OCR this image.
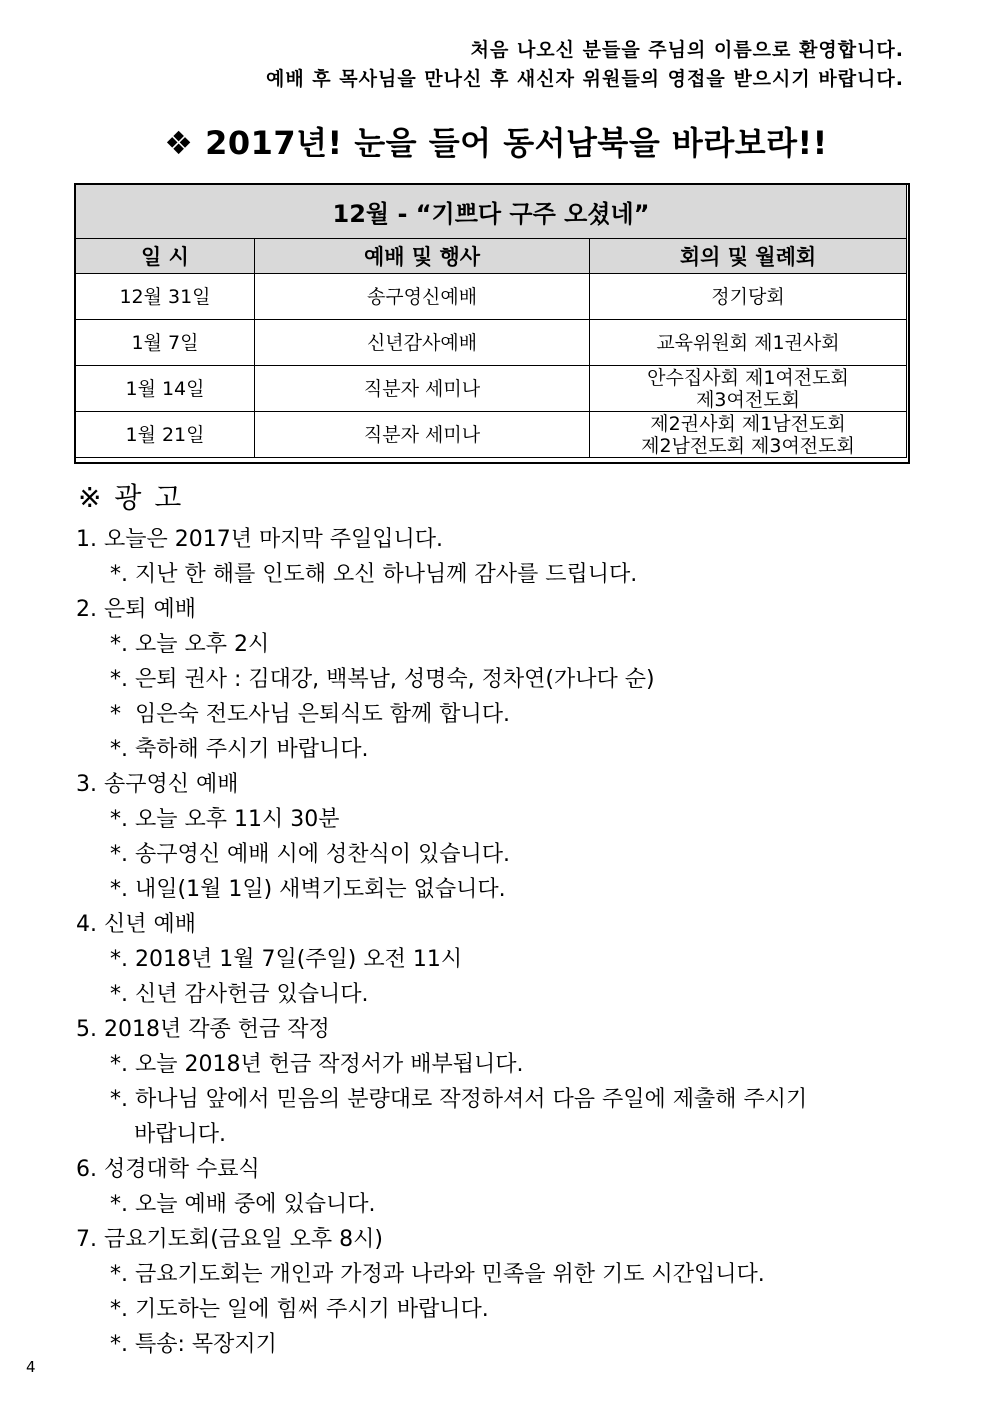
처음 나오신 분들을 주님의 이름으로 환영합니다.
예배 후 목사님을 만나신 후 새신자 위원들의 영접을 받으시기 바랍니다.
❖ 2017년! 눈을 들어 동서남북을 바라보라!!
12월 - “기쁘다 구주 오셨네”		
일 시	예배 및 행사	회의 및 월례회
12월 31일	송구영신예배	정기당회

1월 7일	신년감사예배	교육위원회 제1권사회

1월 14일	직분자 세미나	안수집사회 제1여전도회
제3여전도회

1월 21일	직분자 세미나	제2권사회 제1남전도회
제2남전도회 제3여전도회
※ 광 고

1. 오늘은 2017년 마지막 주일입니다.

*. 지난 한 해를 인도해 오신 하나님께 감사를 드립니다.

2. 은퇴 예배

*. 오늘 오후 2시

*. 은퇴 권사 : 김대강, 백복남, 성명숙, 정차연(가나다 순)

*  임은숙 전도사님 은퇴식도 함께 합니다.

*. 축하해 주시기 바랍니다.

3. 송구영신 예배

*. 오늘 오후 11시 30분

*. 송구영신 예배 시에 성찬식이 있습니다.

*. 내일(1월 1일) 새벽기도회는 없습니다.

4. 신년 예배

*. 2018년 1월 7일(주일) 오전 11시

*. 신년 감사헌금 있습니다.

5. 2018년 각종 헌금 작정

*. 오늘 2018년 헌금 작정서가 배부됩니다.

*. 하나님 앞에서 믿음의 분량대로 작정하셔서 다음 주일에 제출해 주시기

바랍니다.

6. 성경대학 수료식

*. 오늘 예배 중에 있습니다.

7. 금요기도회(금요일 오후 8시)

*. 금요기도회는 개인과 가정과 나라와 민족을 위한 기도 시간입니다.

*. 기도하는 일에 힘써 주시기 바랍니다.

*. 특송: 목장지기

4
